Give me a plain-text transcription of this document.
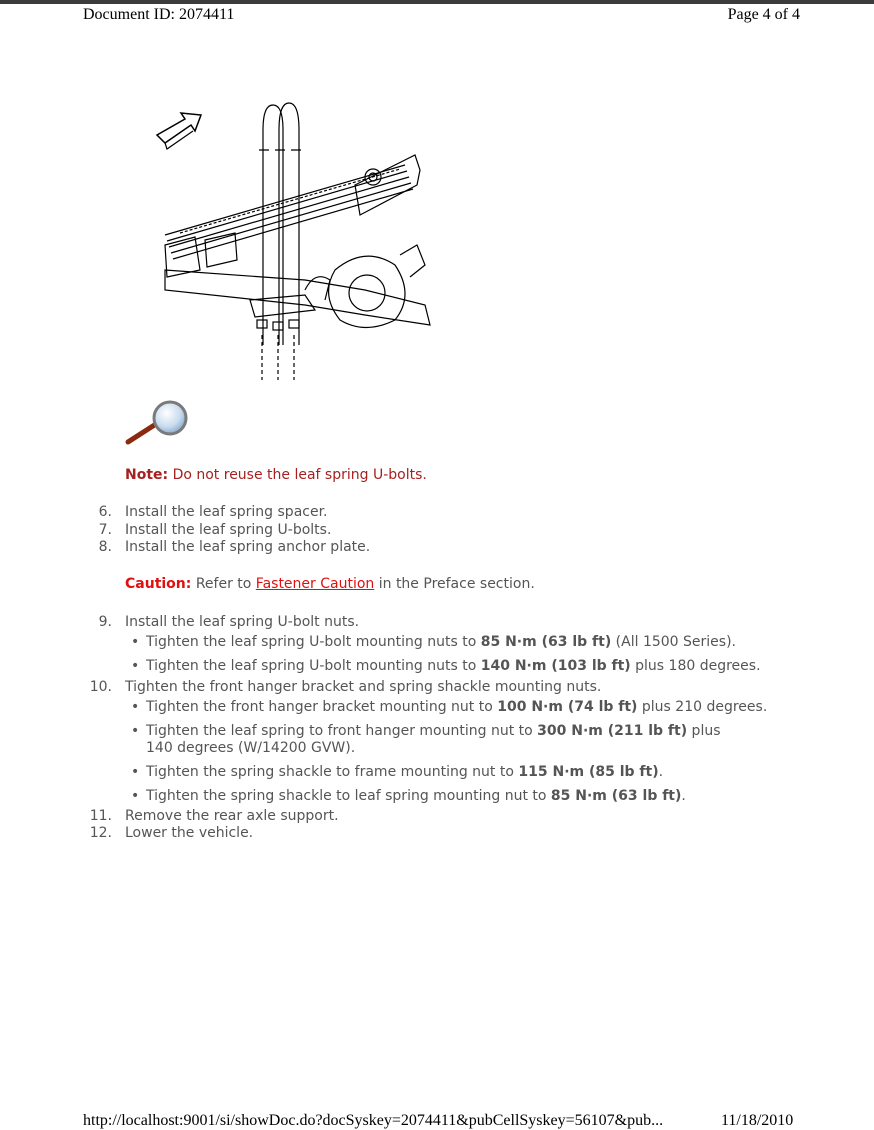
Document ID: 2074411	Page 4 of 4
Note: Do not reuse the leaf spring U-bolts.
6. Install the leaf spring spacer.
7. Install the leaf spring U-bolts.
8. Install the leaf spring anchor plate.
Caution: Refer to Fastener Caution in the Preface section.
9. Install the leaf spring U-bolt nuts.
• Tighten the leaf spring U-bolt mounting nuts to 85 N·m (63 lb ft) (All 1500 Series).
• Tighten the leaf spring U-bolt mounting nuts to 140 N·m (103 lb ft) plus 180 degrees.
10. Tighten the front hanger bracket and spring shackle mounting nuts.
• Tighten the front hanger bracket mounting nut to 100 N·m (74 lb ft) plus 210 degrees.
• Tighten the leaf spring to front hanger mounting nut to 300 N·m (211 lb ft) plus
140 degrees (W/14200 GVW).
• Tighten the spring shackle to frame mounting nut to 115 N·m (85 lb ft).
• Tighten the spring shackle to leaf spring mounting nut to 85 N·m (63 lb ft).
11. Remove the rear axle support.
12. Lower the vehicle.
http://localhost:9001/si/showDoc.do?docSyskey=2074411&pubCellSyskey=56107&pub...	11/18/2010
